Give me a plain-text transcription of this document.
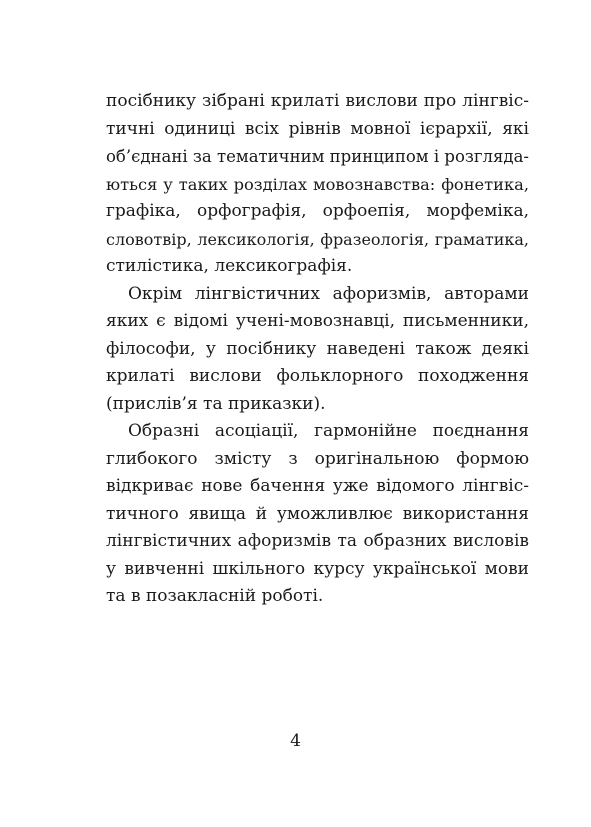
посібнику зібрані крилаті вислови про лінгвіс-
тичні одиниці всіх рівнів мовної ієрархії, які
об’єднані за тематичним принципом і розгляда-
ються у таких розділах мовознавства: фонетика,
графіка, орфографія, орфоепія, морфеміка,
словотвір, лексикологія, фразеологія, граматика,
стилістика, лексикографія.
Окрім лінгвістичних афоризмів, авторами
яких є відомі учені-мовознавці, письменники,
філософи, у посібнику наведені також деякі
крилаті вислови фольклорного походження
(прислів’я та приказки).
Образні асоціації, гармонійне поєднання
глибокого змісту з оригінальною формою
відкриває нове бачення уже відомого лінгвіс-
тичного явища й уможливлює використання
лінгвістичних афоризмів та образних висловів
у вивченні шкільного курсу української мови
та в позакласній роботі.
4
